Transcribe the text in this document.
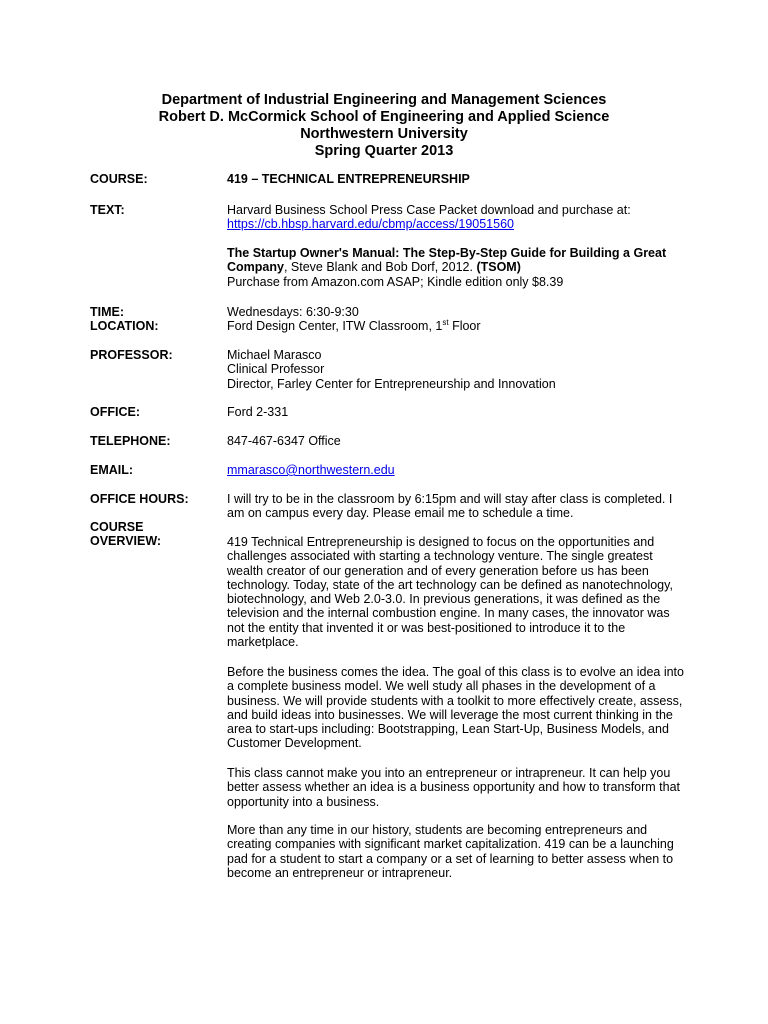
Department of Industrial Engineering and Management Sciences
Robert D. McCormick School of Engineering and Applied Science
Northwestern University
Spring Quarter 2013
COURSE:	419 – TECHNICAL ENTREPRENEURSHIP
TEXT:	Harvard Business School Press Case Packet download and purchase at:
https://cb.hbsp.harvard.edu/cbmp/access/19051560
The Startup Owner's Manual: The Step-By-Step Guide for Building a Great
Company, Steve Blank and Bob Dorf, 2012. (TSOM)
Purchase from Amazon.com ASAP; Kindle edition only $8.39
TIME:	Wednesdays: 6:30-9:30
LOCATION:	Ford Design Center, ITW Classroom, 1st Floor
PROFESSOR:	Michael Marasco
Clinical Professor
Director, Farley Center for Entrepreneurship and Innovation
OFFICE:	Ford 2-331
TELEPHONE:	847-467-6347 Office
EMAIL:	mmarasco@northwestern.edu
OFFICE HOURS:	I will try to be in the classroom by 6:15pm and will stay after class is completed. I am on campus every day. Please email me to schedule a time.
COURSE
OVERVIEW:	419 Technical Entrepreneurship is designed to focus on the opportunities and challenges associated with starting a technology venture. The single greatest wealth creator of our generation and of every generation before us has been technology. Today, state of the art technology can be defined as nanotechnology, biotechnology, and Web 2.0-3.0. In previous generations, it was defined as the television and the internal combustion engine. In many cases, the innovator was not the entity that invented it or was best-positioned to introduce it to the marketplace.
Before the business comes the idea. The goal of this class is to evolve an idea into a complete business model. We well study all phases in the development of a business. We will provide students with a toolkit to more effectively create, assess, and build ideas into businesses. We will leverage the most current thinking in the area to start-ups including: Bootstrapping, Lean Start-Up, Business Models, and Customer Development.
This class cannot make you into an entrepreneur or intrapreneur. It can help you better assess whether an idea is a business opportunity and how to transform that opportunity into a business.
More than any time in our history, students are becoming entrepreneurs and creating companies with significant market capitalization. 419 can be a launching pad for a student to start a company or a set of learning to better assess when to become an entrepreneur or intrapreneur.
